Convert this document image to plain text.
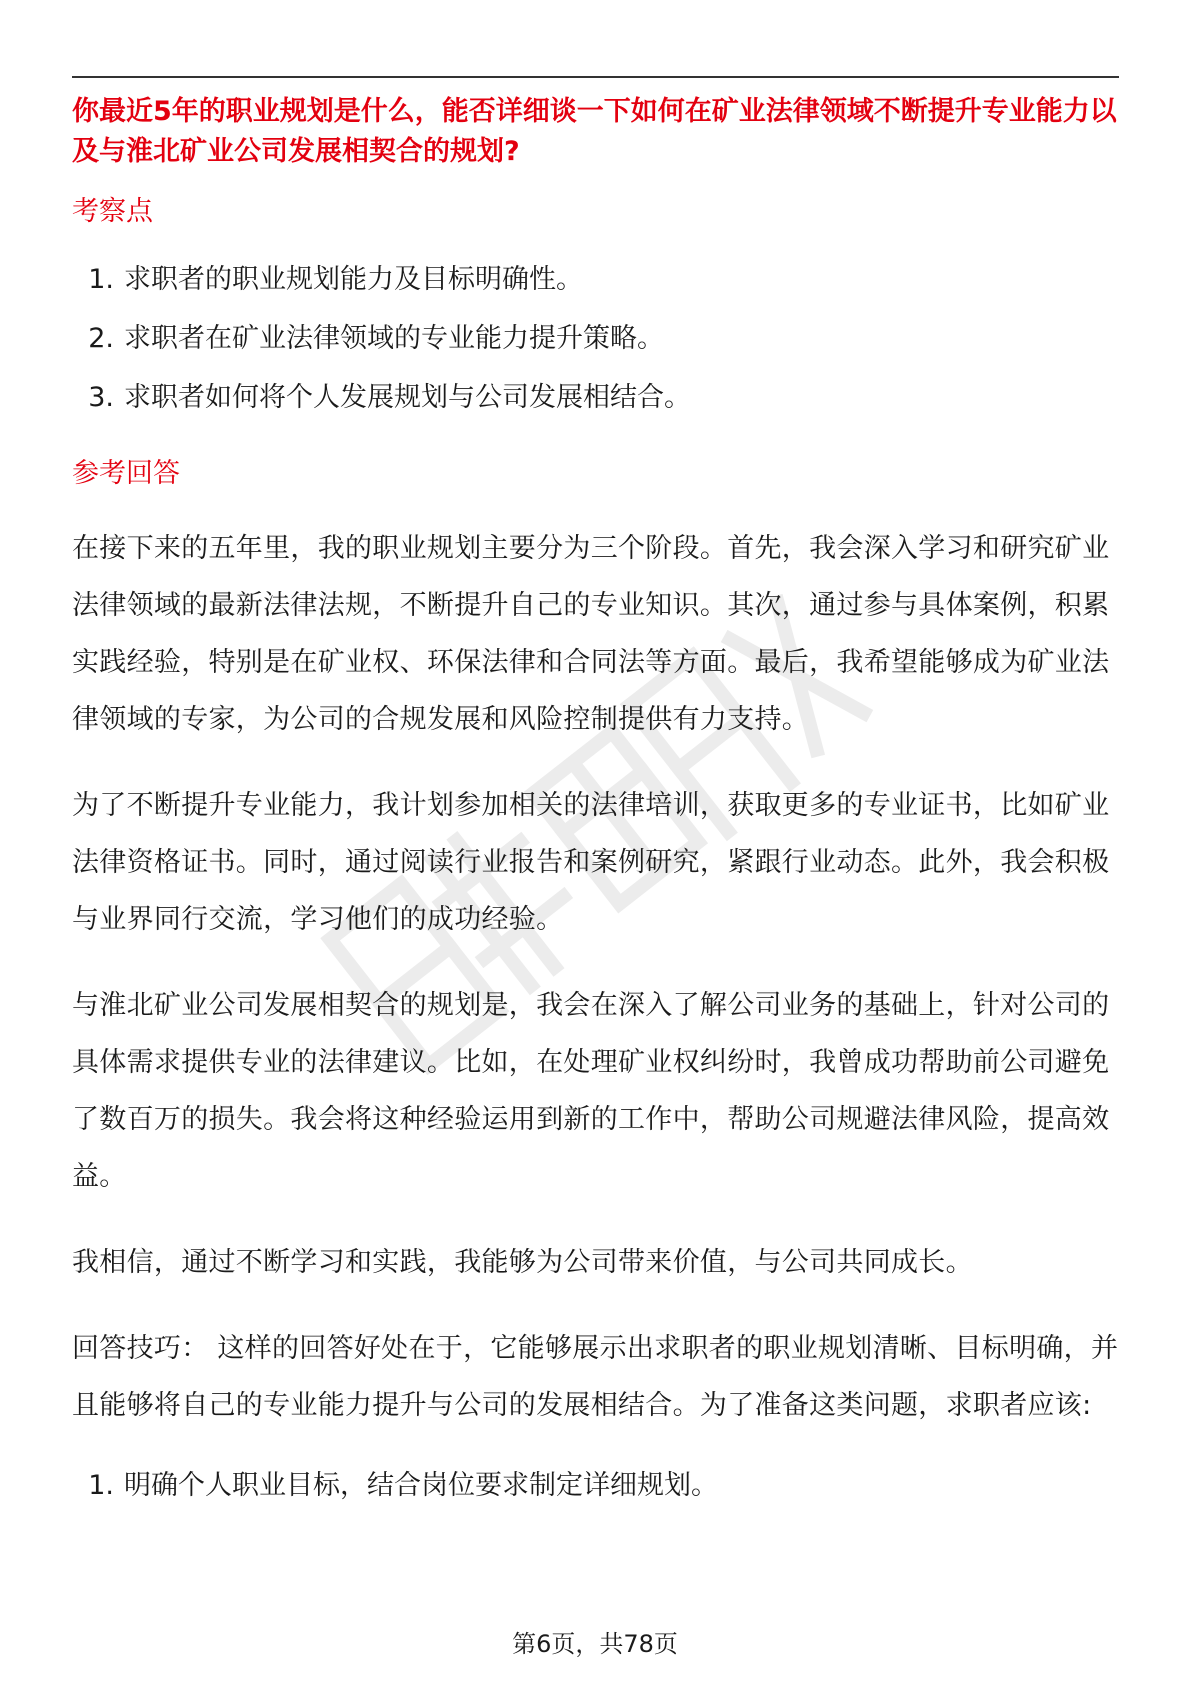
你最近5年的职业规划是什么，能否详细谈一下如何在矿业法律领域不断提升专业能力以及与淮北矿业公司发展相契合的规划?

考察点

1. 求职者的职业规划能力及目标明确性。
2. 求职者在矿业法律领域的专业能力提升策略。
3. 求职者如何将个人发展规划与公司发展相结合。

参考回答

在接下来的五年里，我的职业规划主要分为三个阶段。首先，我会深入学习和研究矿业法律领域的最新法律法规，不断提升自己的专业知识。其次，通过参与具体案例，积累实践经验，特别是在矿业权、环保法律和合同法等方面。最后，我希望能够成为矿业法律领域的专家，为公司的合规发展和风险控制提供有力支持。

为了不断提升专业能力，我计划参加相关的法律培训，获取更多的专业证书，比如矿业法律资格证书。同时，通过阅读行业报告和案例研究，紧跟行业动态。此外，我会积极与业界同行交流，学习他们的成功经验。

与淮北矿业公司发展相契合的规划是，我会在深入了解公司业务的基础上，针对公司的具体需求提供专业的法律建议。比如，在处理矿业权纠纷时，我曾成功帮助前公司避免了数百万的损失。我会将这种经验运用到新的工作中，帮助公司规避法律风险，提高效益。

我相信，通过不断学习和实践，我能够为公司带来价值，与公司共同成长。

回答技巧： 这样的回答好处在于，它能够展示出求职者的职业规划清晰、目标明确，并且能够将自己的专业能力提升与公司的发展相结合。为了准备这类问题，求职者应该:

1. 明确个人职业目标，结合岗位要求制定详细规划。
第6页，共78页
